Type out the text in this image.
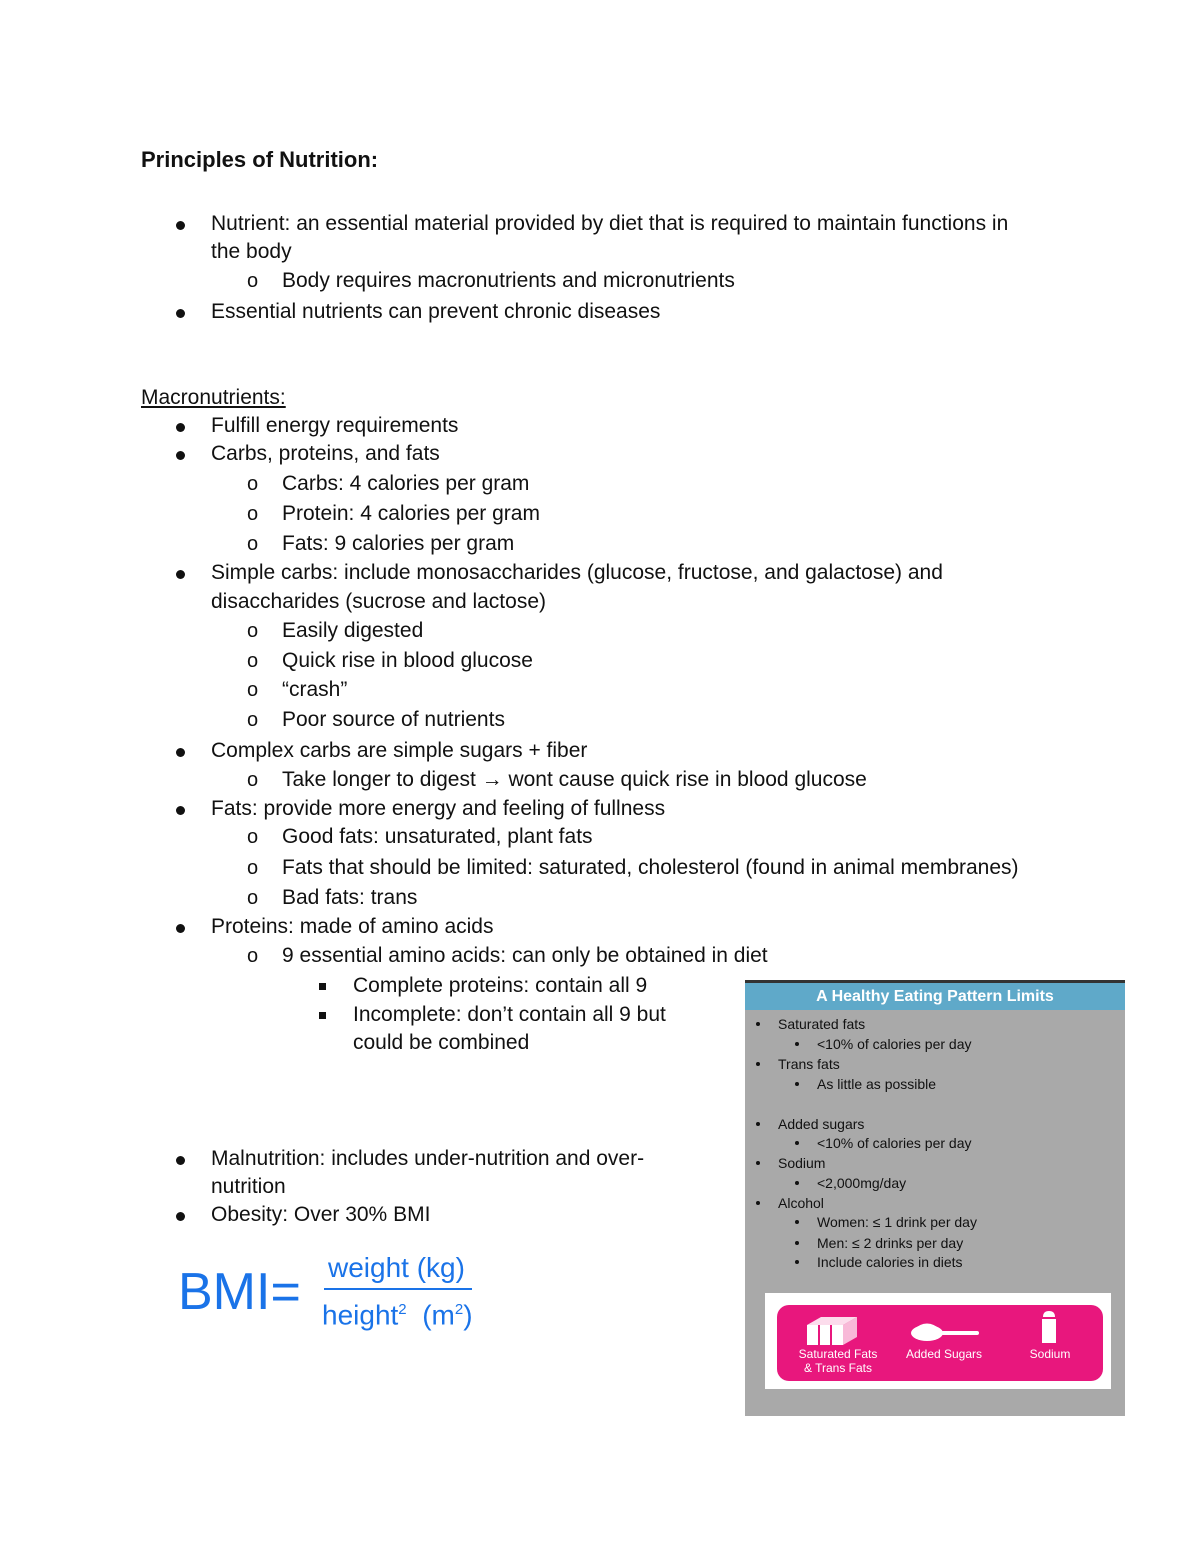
Principles of Nutrition:
Nutrient: an essential material provided by diet that is required to maintain functions in
the body
o Body requires macronutrients and micronutrients
Essential nutrients can prevent chronic diseases
Macronutrients:
Fulfill energy requirements
Carbs, proteins, and fats
o Carbs: 4 calories per gram
o Protein: 4 calories per gram
o Fats: 9 calories per gram
Simple carbs: include monosaccharides (glucose, fructose, and galactose) and
disaccharides (sucrose and lactose)
o Easily digested
o Quick rise in blood glucose
o “crash”
o Poor source of nutrients
Complex carbs are simple sugars + fiber
o Take longer to digest → wont cause quick rise in blood glucose
Fats: provide more energy and feeling of fullness
o Good fats: unsaturated, plant fats
o Fats that should be limited: saturated, cholesterol (found in animal membranes)
o Bad fats: trans
Proteins: made of amino acids
o 9 essential amino acids: can only be obtained in diet
Complete proteins: contain all 9
Incomplete: don’t contain all 9 but
could be combined
Malnutrition: includes under-nutrition and over-
nutrition
Obesity: Over 30% BMI
BMI= weight (kg)
height$^2$ $(m^2)$
A Healthy Eating Pattern Limits
Saturated fats
<10% of calories per day
Trans fats
As little as possible
Added sugars
<10% of calories per day
Sodium
<2,000mg/day
Alcohol
Women: ≤ 1 drink per day
Men: ≤ 2 drinks per day
Include calories in diets
Saturated Fats
& Trans Fats
Added Sugars	Sodium
